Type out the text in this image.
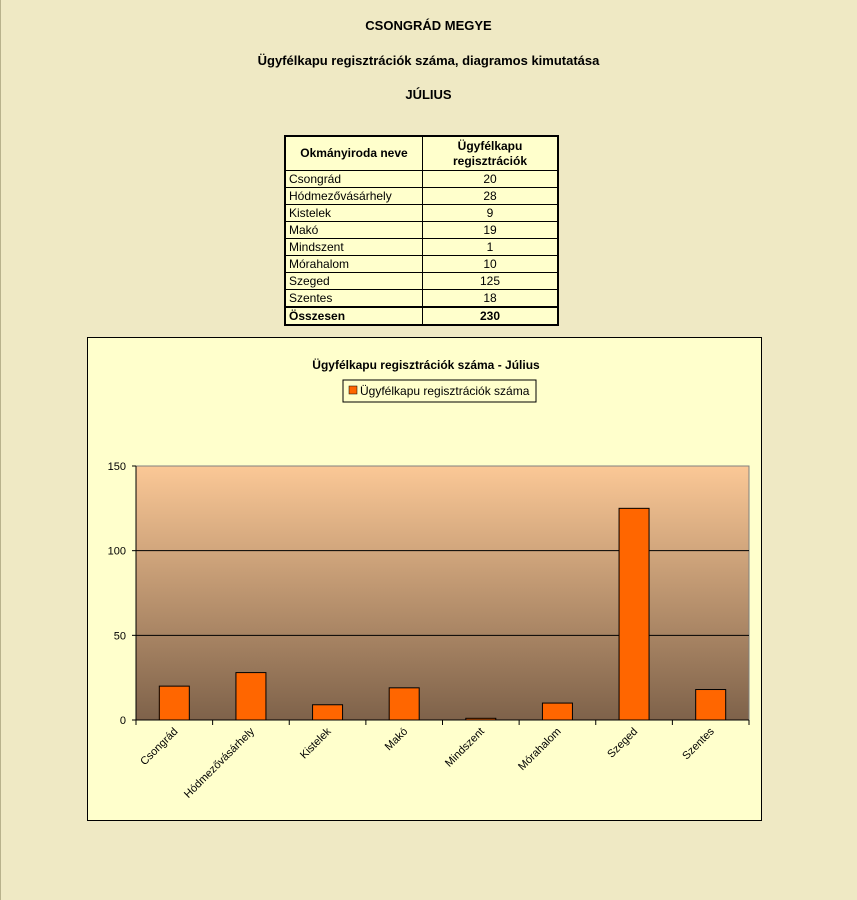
CSONGRÁD MEGYE
Ügyfélkapu regisztrációk száma, diagramos kimutatása
JÚLIUS
Okmányiroda neve	Ügyfélkapu
regisztrációk
Csongrád	20
Hódmezővásárhely	28
Kistelek	9
Makó	19
Mindszent	1
Mórahalom	10
Szeged	125
Szentes	18
Összesen	230
Ügyfélkapu regisztrációk száma - Július
Ügyfélkapu regisztrációk száma
0
50
100
150
Csongrád Hódmezővásárhely	Kistelek	Makó	Mindszent	Mórahalom	Szeged	Szentes
